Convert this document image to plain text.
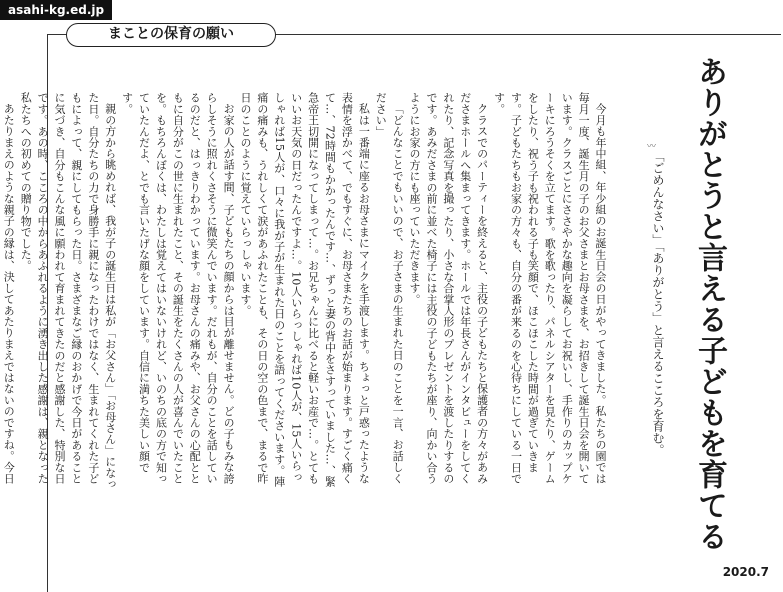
asahi-kg.ed.jp
まことの保育の願い
ありがとうと言える子どもを育てる
〰
「ごめんなさい」「ありがとう」と言えるこころを育む。

今月も年中組、年少組のお誕生日会の日がやってきました。私たちの園では毎月一度、誕生月の子のお父さまとお母さまを、お招きして誕生日会を開いています。クラスごとにささやかな趣向を凝らしてお祝いし、手作りのカップケーキにろうそくを立てます。歌を歌ったり、パネルシアターを見たり、ゲームをしたり、祝う子も祝われる子も笑顔で、ほこほこした時間が過ぎていきます。子どもたちもお家の方々も、自分の番が来るのを心待ちにしている一日です。

クラスでのパーティーを終えると、主役の子どもたちと保護者の方々があみださまホールへ集まってきます。ホールでは年長さんがインタビューをしてくれたり、記念写真を撮ったり、小さな合掌人形のプレゼントを渡したりするのです。あみださまの前に並べた椅子には主役の子どもたちが座り、向かい合うようにお家の方にも座っていただきます。

「どんなことでもいいので、お子さまの生まれた日のことを一言、お話しください」

私は一番端に座るお母さまにマイクを手渡します。ちょっと戸惑ったような表情を浮かべて、でもすぐに、お母さまたちのお話が始まります。すごく痛くて…、72時間もかかったんです…、ずっと妻の背中をさすっていました…、緊急帝王切開になってしまって…。お兄ちゃんに比べると軽いお産で…。とてもいいお天気の日だったんですよ…。10人いらっしゃれば10人が、15人いらっしゃれば15人が、口々に我が子が生まれた日のことを語ってくださいます。陣痛の痛みも、うれしくて涙があふれたことも、その日の空の色まで、まるで昨日のことのように覚えていらっしゃいます。

お家の人が話す間、子どもたちの顔からは目が離せません。どの子もみな誇らしそうに照れくさそうに微笑んでいます。だれもが、自分のことを話しているのだと、はっきりわかっています。お母さんの痛みや、お父さんの心配とともに自分がこの世に生まれたこと、その誕生をたくさんの人が喜んでいたことを。もちろんぼくは、わたしは覚えてはいないけれど、いのちの底の方で知っていたんだよ、とでも言いたげな顔をしています。自信に満ちた美しい顔です。

親の方から眺めれば、我が子の誕生日は私が「お父さん」「お母さん」になった日。自分たちの力で身勝手に親になったわけではなく、生まれてくれた子どもによって、親にしてもらった日。さまざまなご縁のおかげで今日があることに気づき、自分もこんな風に願われて育まれてきたのだと感謝した、特別な日です。あの時、こころの中からあふれるように湧き出した感謝は、親となった私たちへの初めての贈り物でした。

あたりまえのような親子の縁は、決してあたりまえではないのですね。今日

2020.7
